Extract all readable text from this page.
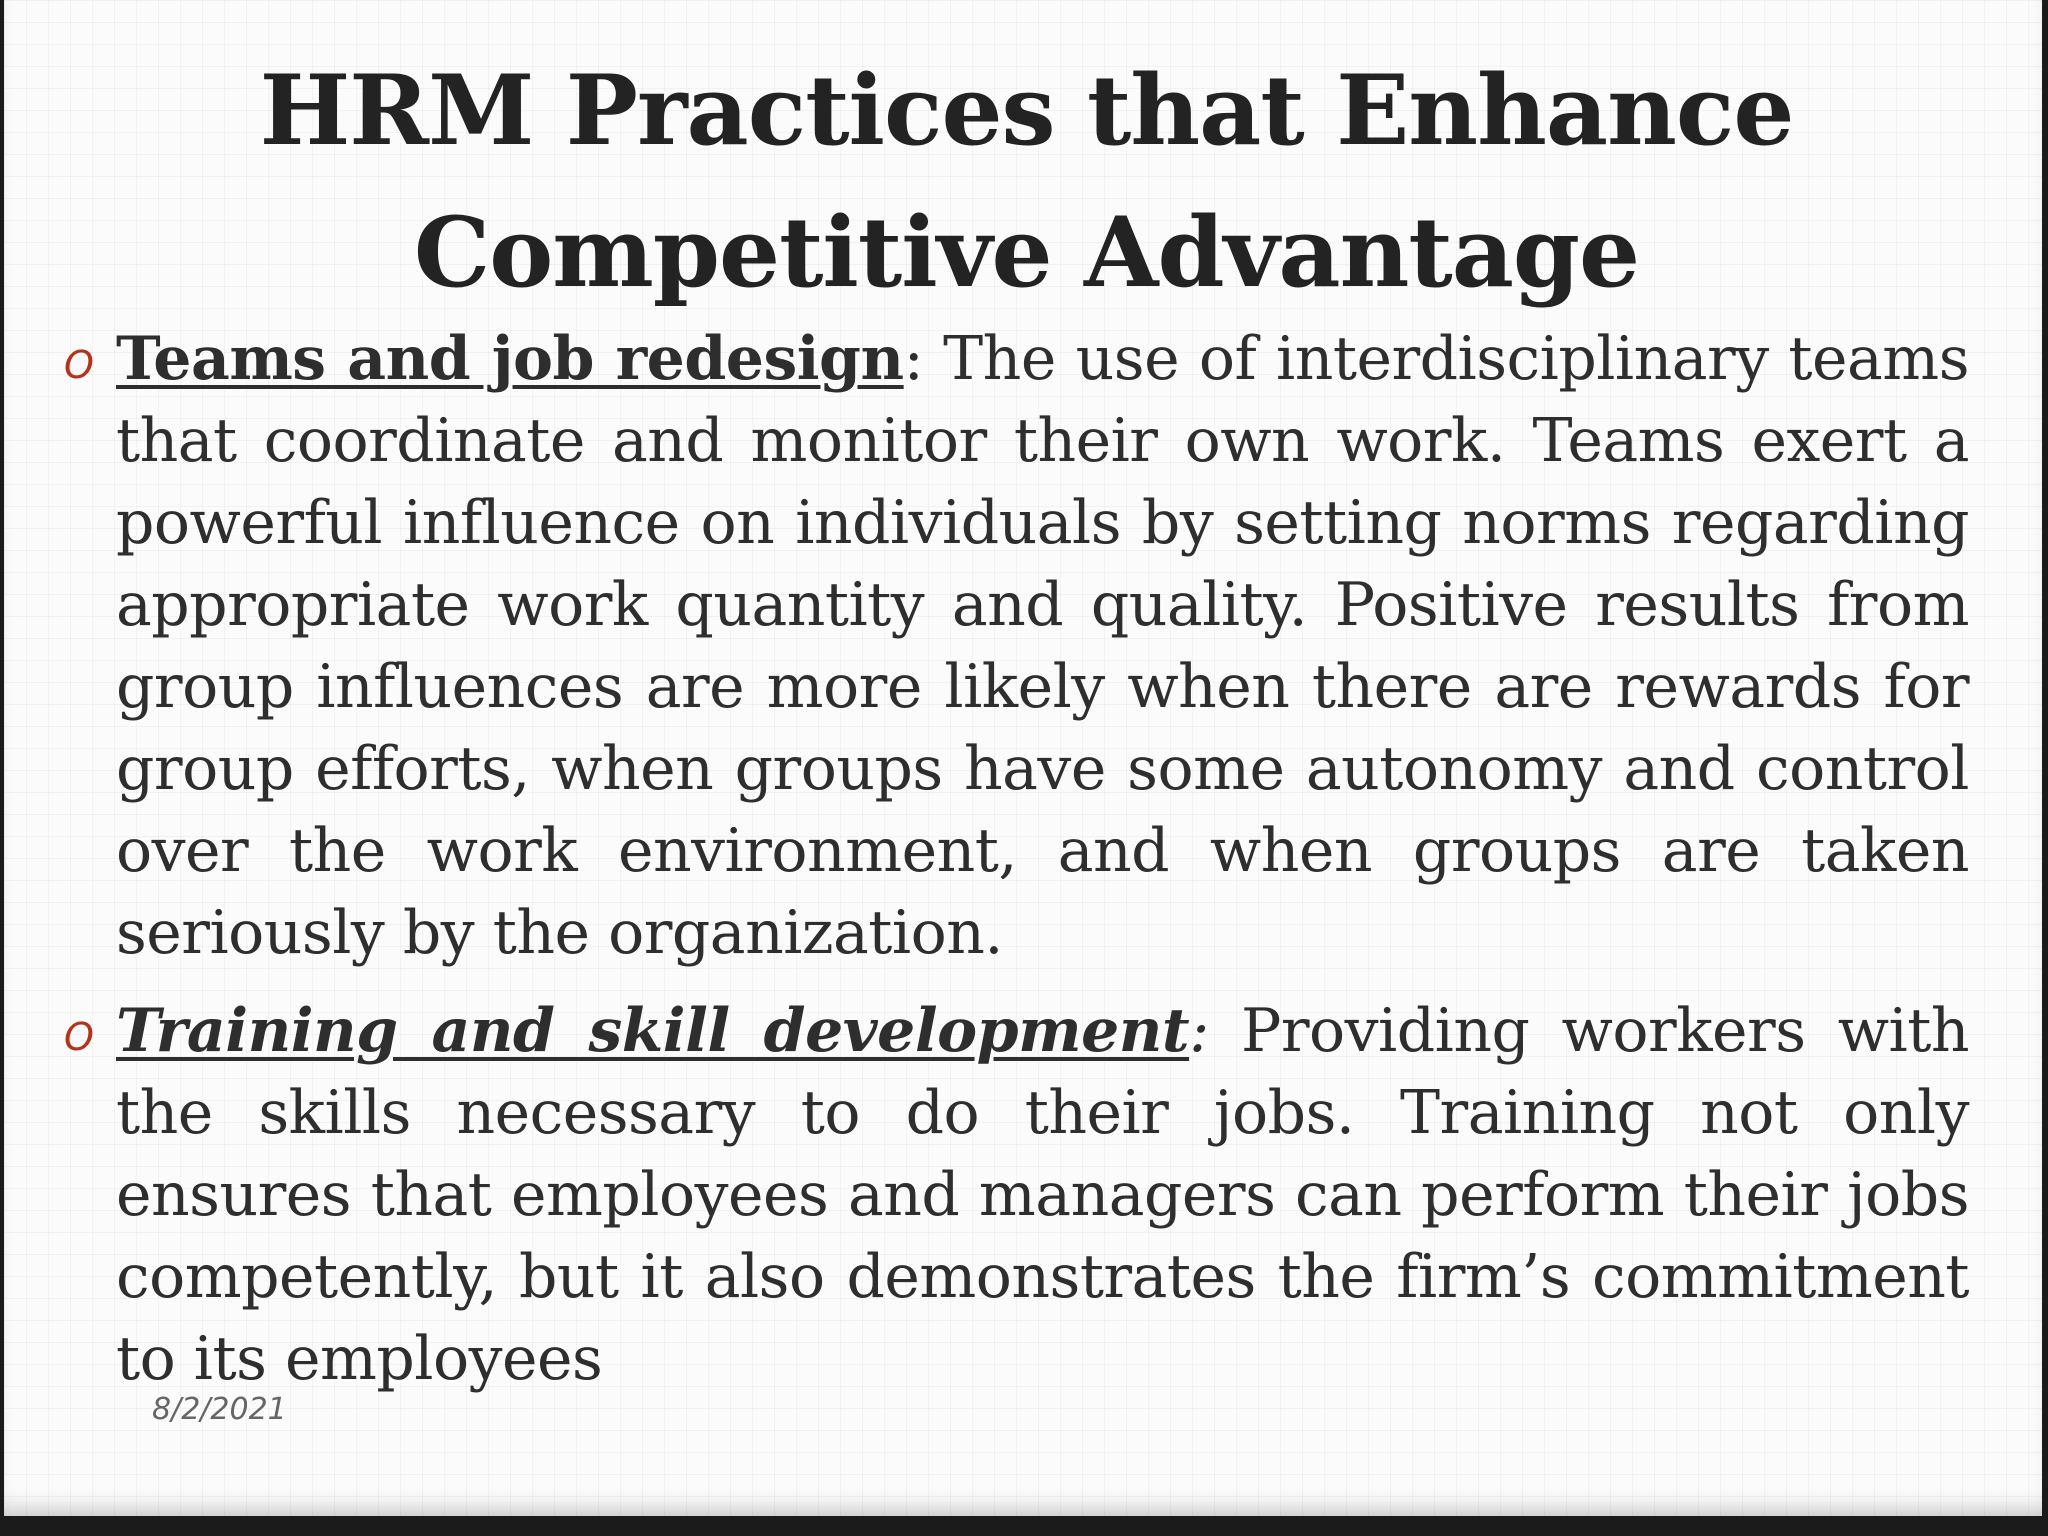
HRM Practices that Enhance Competitive Advantage
O Teams and job redesign: The use of interdisciplinary teams that coordinate and monitor their own work. Teams exert a powerful influence on individuals by setting norms regarding appropriate work quantity and quality. Positive results from group influences are more likely when there are rewards for group efforts, when groups have some autonomy and control over the work environment, and when groups are taken seriously by the organization.
O Training and skill development: Providing workers with the skills necessary to do their jobs. Training not only ensures that employees and managers can perform their jobs competently, but it also demonstrates the firm’s commitment to its employees
8/2/2021
